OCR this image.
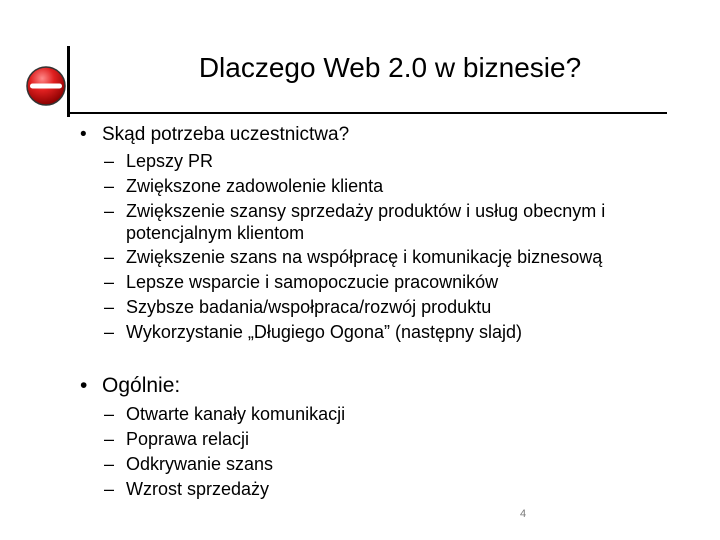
Dlaczego Web 2.0 w biznesie?
• Skąd potrzeba uczestnictwa?
– Lepszy PR
– Zwiększone zadowolenie klienta
– Zwiększenie szansy sprzedaży produktów i usług obecnym i potencjalnym klientom
– Zwiększenie szans na współpracę i komunikację biznesową
– Lepsze wsparcie i samopoczucie pracowników
– Szybsze badania/wspołpraca/rozwój produktu
– Wykorzystanie „Długiego Ogona” (następny slajd)
• Ogólnie:
– Otwarte kanały komunikacji
– Poprawa relacji
– Odkrywanie szans
– Wzrost sprzedaży
4
